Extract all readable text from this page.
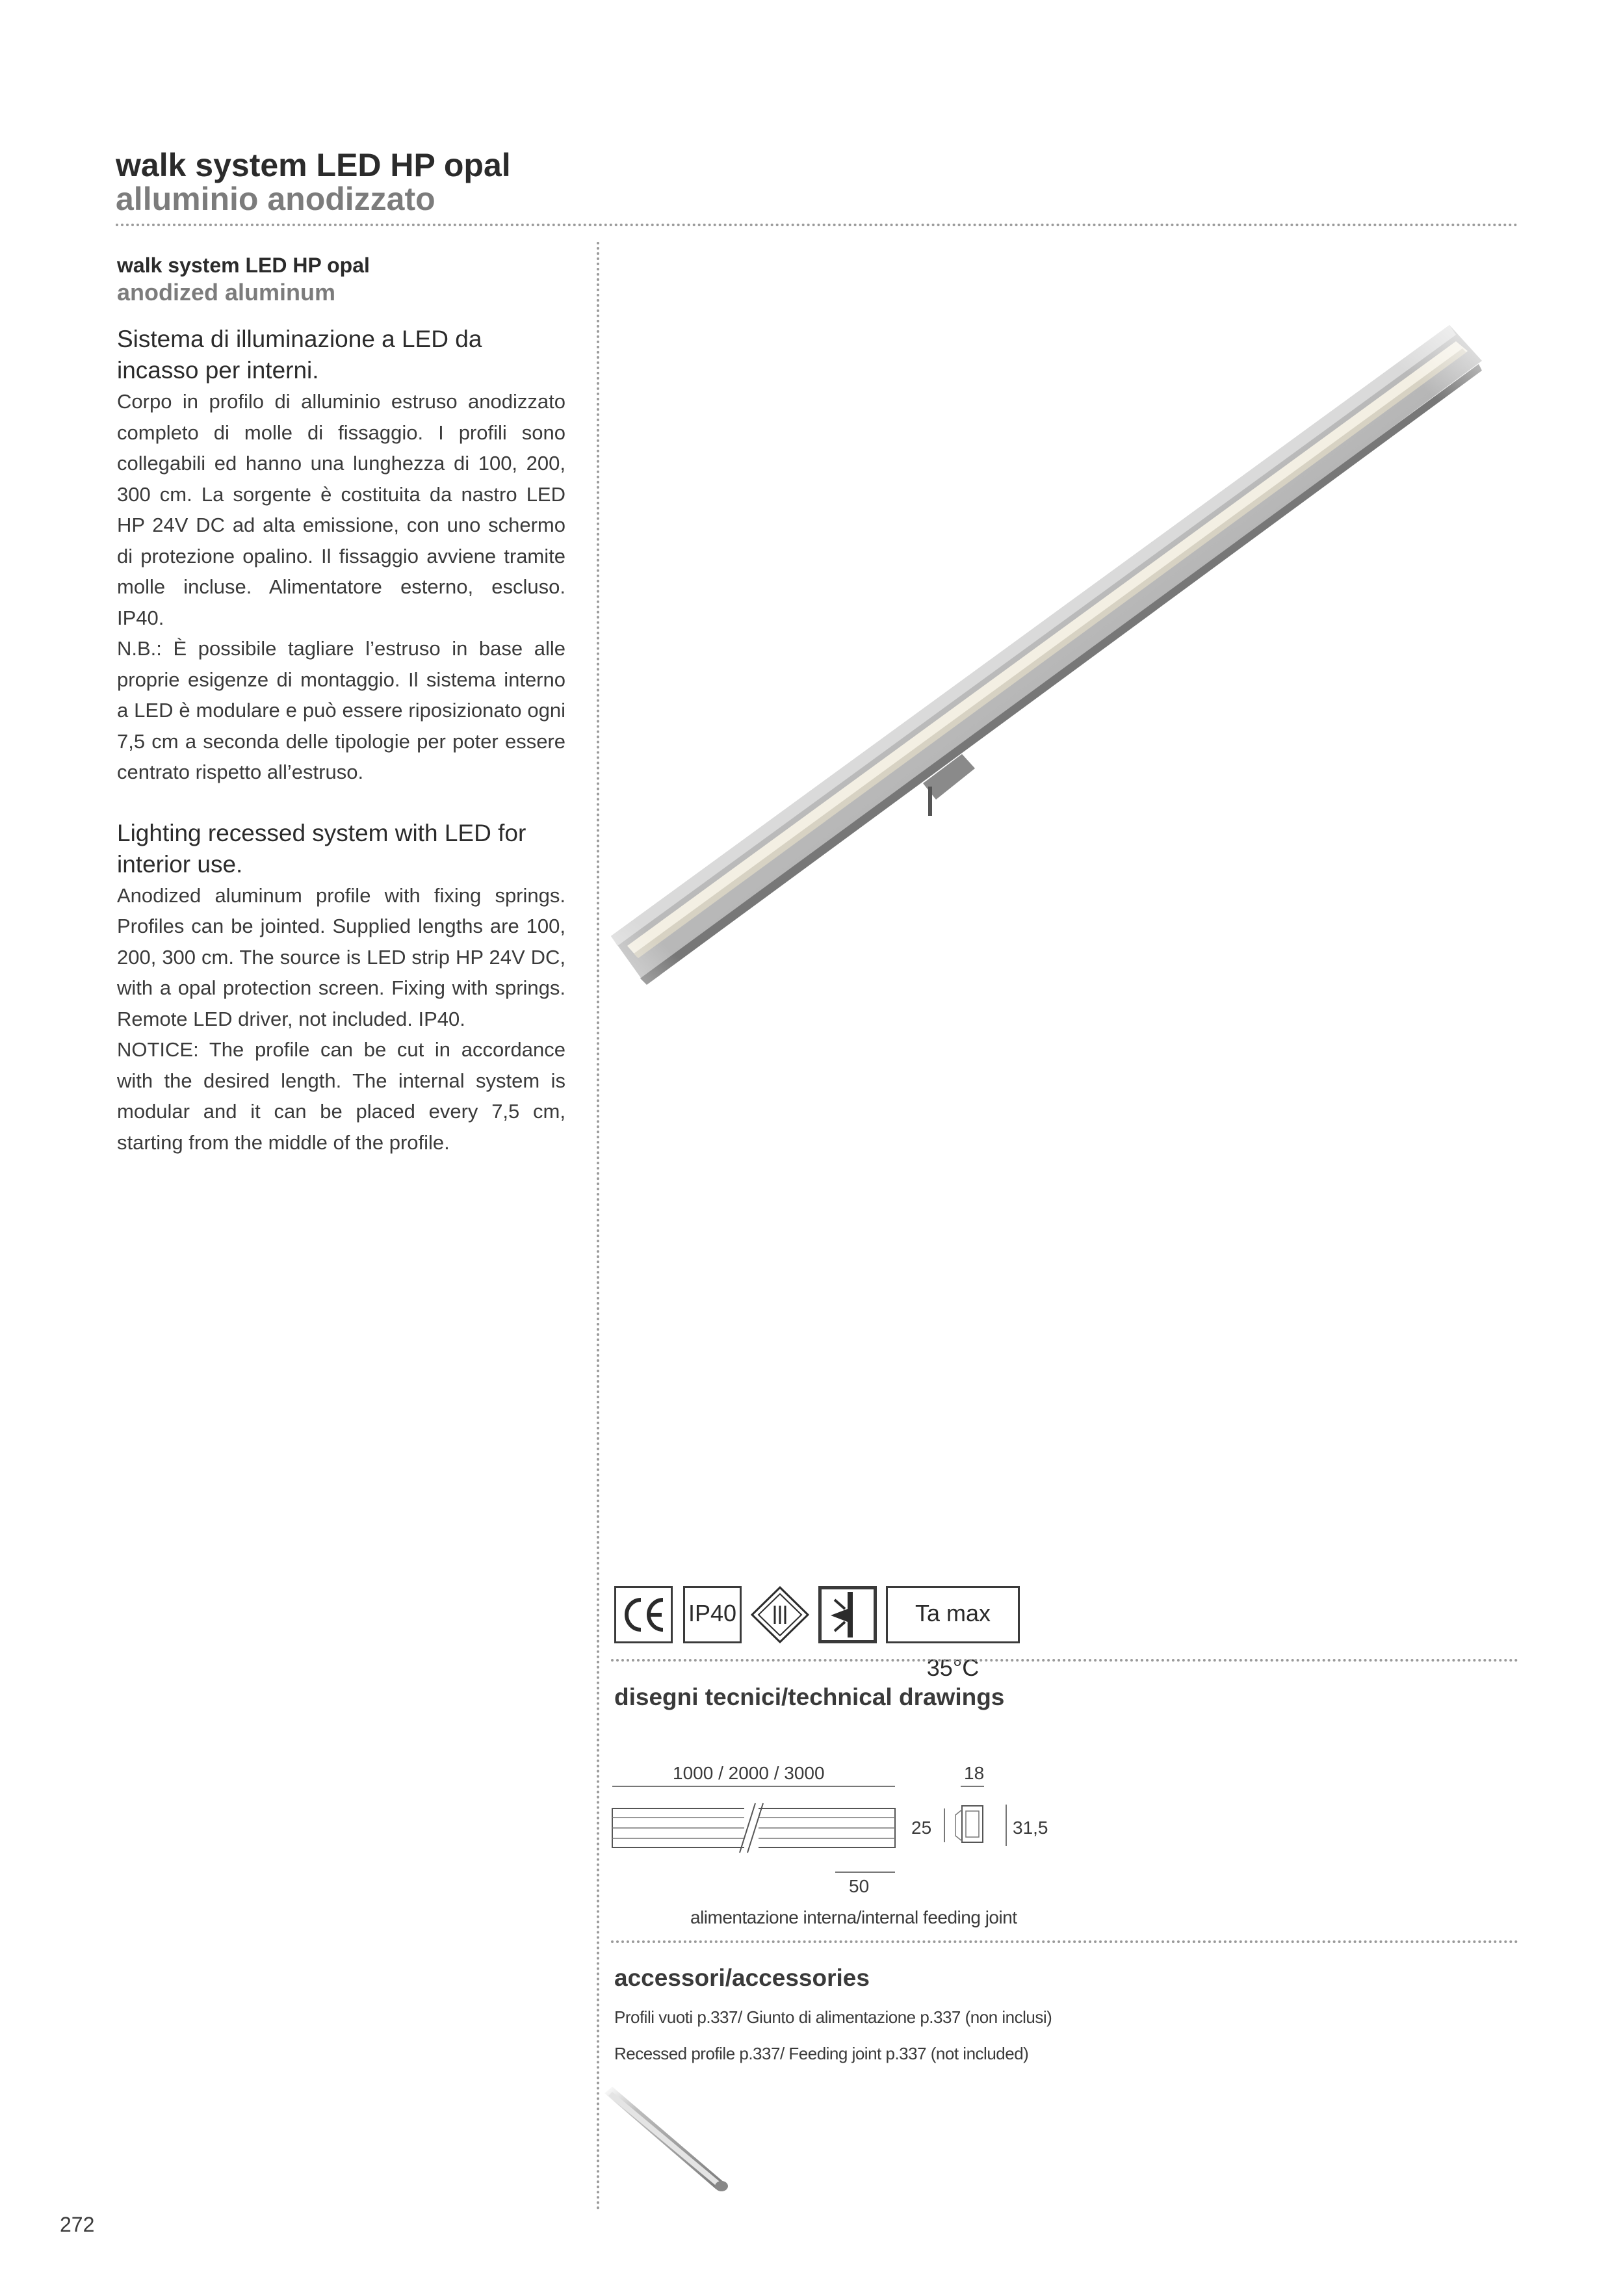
walk system LED HP opal
alluminio anodizzato
walk system LED HP opal
anodized aluminum

Sistema di illuminazione a LED da incasso per interni.

Corpo in profilo di alluminio estruso anodizzato completo di molle di fissaggio. I profili sono collegabili ed hanno una lunghezza di 100, 200, 300 cm. La sorgente è costituita da nastro LED HP 24V DC ad alta emissione, con uno schermo di protezione opalino. Il fissaggio avviene tramite molle incluse. Alimentatore esterno, escluso. IP40.

N.B.: È possibile tagliare l’estruso in base alle proprie esigenze di montaggio. Il sistema interno a LED è modulare e può essere riposizionato ogni 7,5 cm a seconda delle tipologie per poter essere centrato rispetto all’estruso.

Lighting recessed system with LED for interior use.

Anodized aluminum profile with fixing springs. Profiles can be jointed. Supplied lengths are 100, 200, 300 cm. The source is LED strip HP 24V DC, with a opal protection screen. Fixing with springs. Remote LED driver, not included. IP40.

NOTICE: The profile can be cut in accordance with the desired length. The internal system is modular and it can be placed every 7,5 cm, starting from the middle of the profile.

IP40	Ta max 35°C
disegni tecnici/technical drawings
1000 / 2000 / 3000	18
25	31,5
50

alimentazione interna/internal feeding joint

accessori/accessories

Profili vuoti p.337/ Giunto di alimentazione p.337 (non inclusi)

Recessed profile p.337/ Feeding joint p.337 (not included)

272
